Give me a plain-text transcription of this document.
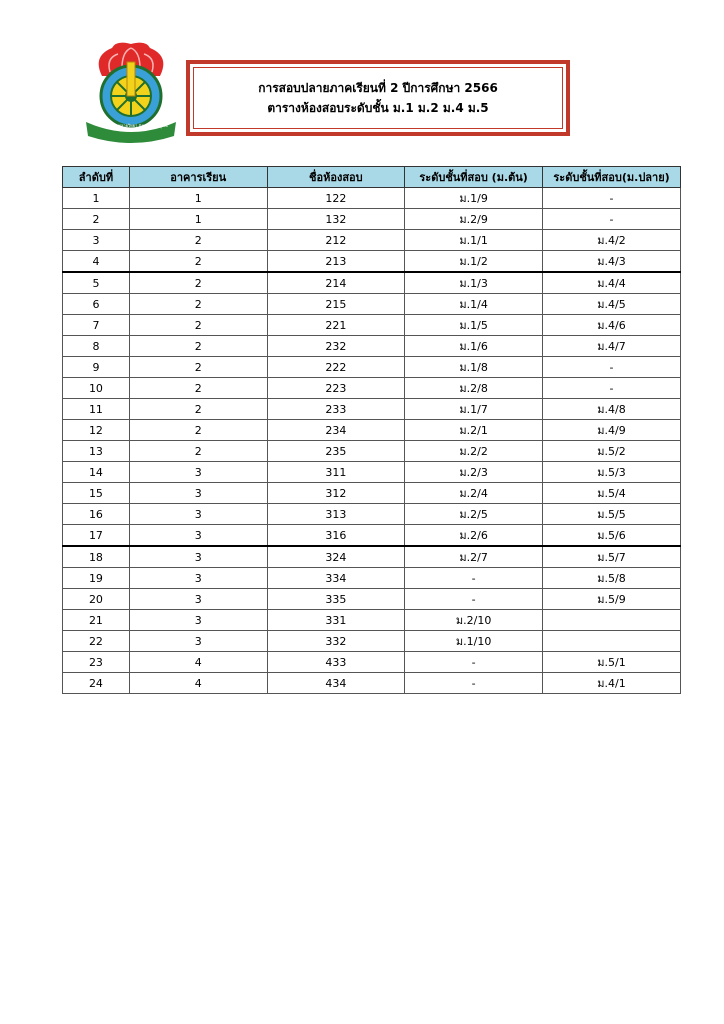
โรงเรียนพลพลายวิทยา จังหวัดเพชรบูรณ์
การสอบปลายภาคเรียนที่ 2 ปีการศึกษา 2566
ตารางห้องสอบระดับชั้น ม.1 ม.2 ม.4 ม.5
ลำดับที่	อาคารเรียน	ชื่อห้องสอบ	ระดับชั้นที่สอบ (ม.ต้น)	ระดับชั้นที่สอบ(ม.ปลาย)
1	1	122	ม.1/9	-
2	1	132	ม.2/9	-
3	2	212	ม.1/1	ม.4/2
4	2	213	ม.1/2	ม.4/3
5	2	214	ม.1/3	ม.4/4
6	2	215	ม.1/4	ม.4/5
7	2	221	ม.1/5	ม.4/6
8	2	232	ม.1/6	ม.4/7
9	2	222	ม.1/8	-
10	2	223	ม.2/8	-
11	2	233	ม.1/7	ม.4/8
12	2	234	ม.2/1	ม.4/9
13	2	235	ม.2/2	ม.5/2
14	3	311	ม.2/3	ม.5/3
15	3	312	ม.2/4	ม.5/4
16	3	313	ม.2/5	ม.5/5
17	3	316	ม.2/6	ม.5/6
18	3	324	ม.2/7	ม.5/7
19	3	334	-	ม.5/8
20	3	335	-	ม.5/9
21	3	331	ม.2/10	
22	3	332	ม.1/10	
23	4	433	-	ม.5/1
24	4	434	-	ม.4/1
